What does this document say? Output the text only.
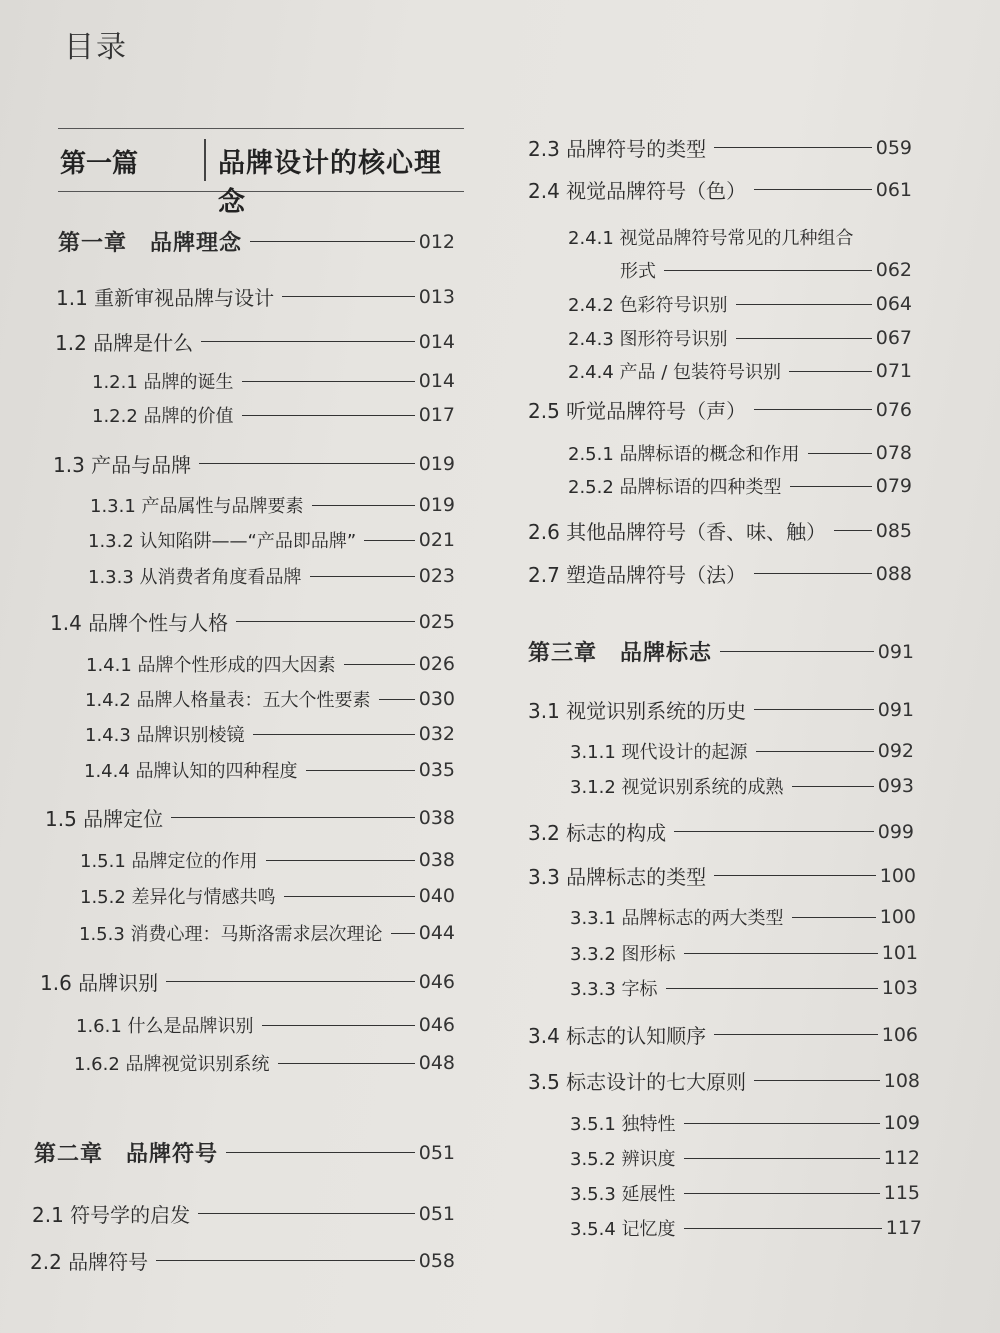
目录
第一篇	品牌设计的核心理念
第一章　品牌理念	012
1.1 重新审视品牌与设计	013
1.2 品牌是什么	014
1.2.1 品牌的诞生	014
1.2.2 品牌的价值	017
1.3 产品与品牌	019
1.3.1 产品属性与品牌要素	019
1.3.2 认知陷阱——“产品即品牌”	021
1.3.3 从消费者角度看品牌	023
1.4 品牌个性与人格	025
1.4.1 品牌个性形成的四大因素	026
1.4.2 品牌人格量表：五大个性要素	030
1.4.3 品牌识别棱镜	032
1.4.4 品牌认知的四种程度	035
1.5 品牌定位	038
1.5.1 品牌定位的作用	038
1.5.2 差异化与情感共鸣	040
1.5.3 消费心理：马斯洛需求层次理论 044
1.6 品牌识别	046
1.6.1 什么是品牌识别	046
1.6.2 品牌视觉识别系统	048
第二章　品牌符号	051
2.1 符号学的启发	051
2.2 品牌符号	058
2.3 品牌符号的类型	059
2.4 视觉品牌符号（色）	061
2.4.1 视觉品牌符号常见的几种组合
形式	062
2.4.2 色彩符号识别	064
2.4.3 图形符号识别	067
2.4.4 产品 / 包装符号识别	071
2.5 听觉品牌符号（声）	076
2.5.1 品牌标语的概念和作用	078
2.5.2 品牌标语的四种类型	079
2.6 其他品牌符号（香、味、触）	085
2.7 塑造品牌符号（法）	088
第三章　品牌标志	091
3.1 视觉识别系统的历史	091
3.1.1 现代设计的起源	092
3.1.2 视觉识别系统的成熟	093
3.2 标志的构成	099
3.3 品牌标志的类型	100
3.3.1 品牌标志的两大类型	100
3.3.2 图形标	101
3.3.3 字标	103
3.4 标志的认知顺序	106
3.5 标志设计的七大原则	108
3.5.1 独特性	109
3.5.2 辨识度	112
3.5.3 延展性	115
3.5.4 记忆度	117
